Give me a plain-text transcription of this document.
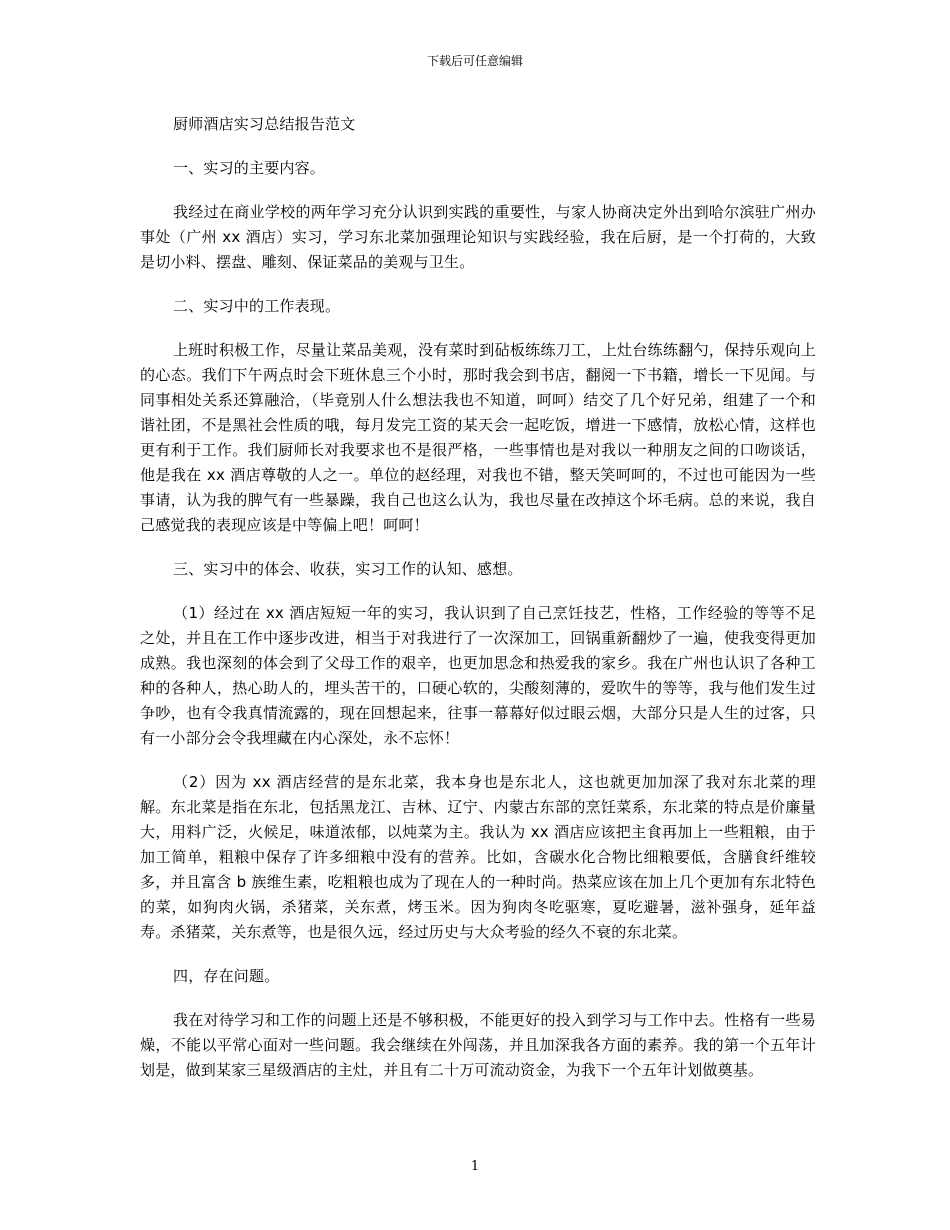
下载后可任意编辑

厨师酒店实习总结报告范文

一、实习的主要内容。

我经过在商业学校的两年学习充分认识到实践的重要性，与家人协商决定外出到哈尔滨驻广州办事处（广州 xx 酒店）实习，学习东北菜加强理论知识与实践经验，我在后厨，是一个打荷的，大致是切小料、摆盘、雕刻、保证菜品的美观与卫生。

二、实习中的工作表现。

上班时积极工作，尽量让菜品美观，没有菜时到砧板练练刀工，上灶台练练翻勺，保持乐观向上的心态。我们下午两点时会下班休息三个小时，那时我会到书店，翻阅一下书籍，增长一下见闻。与同事相处关系还算融洽，（毕竟别人什么想法我也不知道，呵呵）结交了几个好兄弟，组建了一个和谐社团，不是黑社会性质的哦，每月发完工资的某天会一起吃饭，增进一下感情，放松心情，这样也更有利于工作。我们厨师长对我要求也不是很严格，一些事情也是对我以一种朋友之间的口吻谈话，他是我在 xx 酒店尊敬的人之一。单位的赵经理，对我也不错，整天笑呵呵的，不过也可能因为一些事请，认为我的脾气有一些暴躁，我自己也这么认为，我也尽量在改掉这个坏毛病。总的来说，我自己感觉我的表现应该是中等偏上吧！呵呵！

三、实习中的体会、收获，实习工作的认知、感想。

（1）经过在 xx 酒店短短一年的实习，我认识到了自己烹饪技艺，性格，工作经验的等等不足之处，并且在工作中逐步改进，相当于对我进行了一次深加工，回锅重新翻炒了一遍，使我变得更加成熟。我也深刻的体会到了父母工作的艰辛，也更加思念和热爱我的家乡。我在广州也认识了各种工种的各种人，热心助人的，埋头苦干的，口硬心软的，尖酸刻薄的，爱吹牛的等等，我与他们发生过争吵，也有令我真情流露的，现在回想起来，往事一幕幕好似过眼云烟，大部分只是人生的过客，只有一小部分会令我埋藏在内心深处，永不忘怀！

（2）因为 xx 酒店经营的是东北菜，我本身也是东北人，这也就更加加深了我对东北菜的理解。东北菜是指在东北，包括黑龙江、吉林、辽宁、内蒙古东部的烹饪菜系，东北菜的特点是价廉量大，用料广泛，火候足，味道浓郁，以炖菜为主。我认为 xx 酒店应该把主食再加上一些粗粮，由于加工简单，粗粮中保存了许多细粮中没有的营养。比如，含碳水化合物比细粮要低，含膳食纤维较多，并且富含 b 族维生素，吃粗粮也成为了现在人的一种时尚。热菜应该在加上几个更加有东北特色的菜，如狗肉火锅，杀猪菜，关东煮，烤玉米。因为狗肉冬吃驱寒，夏吃避暑，滋补强身，延年益寿。杀猪菜，关东煮等，也是很久远，经过历史与大众考验的经久不衰的东北菜。

四，存在问题。

我在对待学习和工作的问题上还是不够积极，不能更好的投入到学习与工作中去。性格有一些易燥，不能以平常心面对一些问题。我会继续在外闯荡，并且加深我各方面的素养。我的第一个五年计划是，做到某家三星级酒店的主灶，并且有二十万可流动资金，为我下一个五年计划做奠基。

1
